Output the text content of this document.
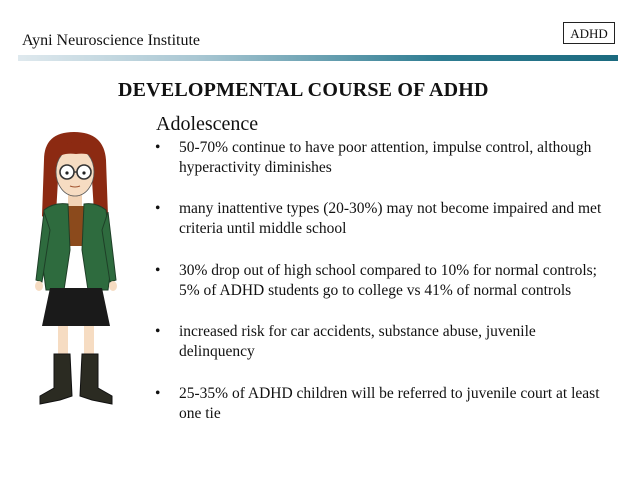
Ayni Neuroscience Institute	ADHD
DEVELOPMENTAL COURSE OF ADHD
Adolescence
• 50-70% continue to have poor attention, impulse control, although hyperactivity diminishes
• many inattentive types (20-30%) may not become impaired and met criteria until middle school
• 30% drop out of high school compared to 10% for normal controls; 5% of ADHD students go to college vs 41% of normal controls
• increased risk for car accidents, substance abuse, juvenile delinquency
• 25-35% of ADHD children will be referred to juvenile court at least one tie
